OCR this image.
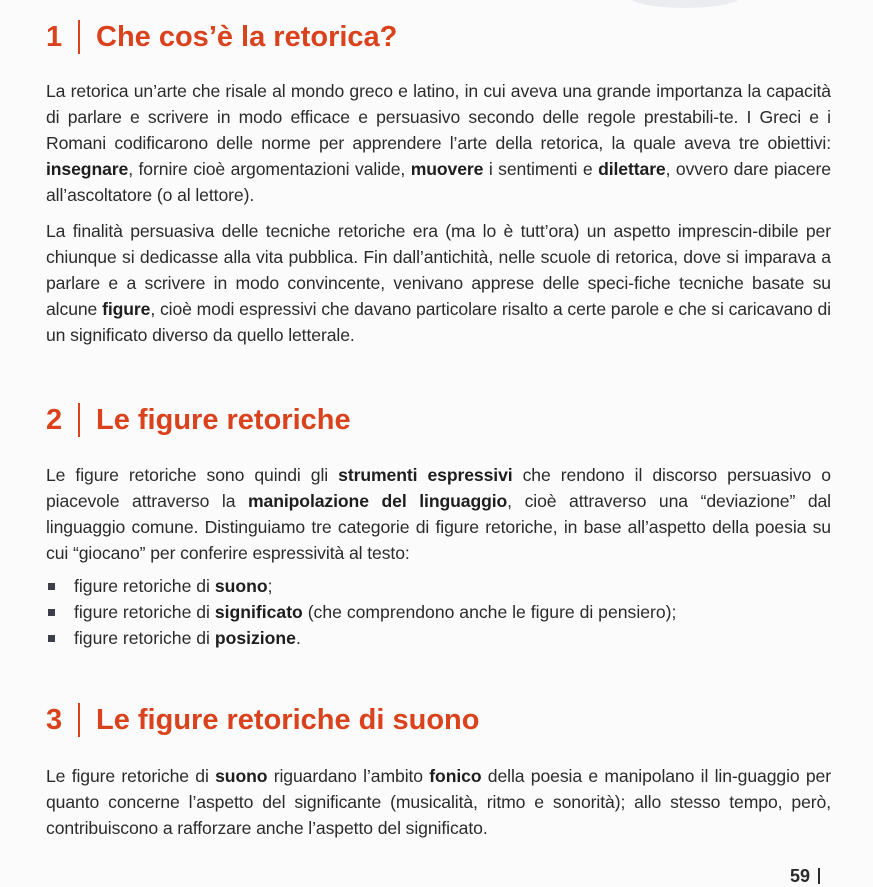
1	Che cos’è la retorica?

La retorica un’arte che risale al mondo greco e latino, in cui aveva una grande importanza la capacità di parlare e scrivere in modo efficace e persuasivo secondo delle regole prestabili-te. I Greci e i Romani codificarono delle norme per apprendere l’arte della retorica, la quale aveva tre obiettivi: insegnare, fornire cioè argomentazioni valide, muovere i sentimenti e dilettare, ovvero dare piacere all’ascoltatore (o al lettore).

La finalità persuasiva delle tecniche retoriche era (ma lo è tutt’ora) un aspetto imprescin-dibile per chiunque si dedicasse alla vita pubblica. Fin dall’antichità, nelle scuole di retorica, dove si imparava a parlare e a scrivere in modo convincente, venivano apprese delle speci-fiche tecniche basate su alcune figure, cioè modi espressivi che davano particolare risalto a certe parole e che si caricavano di un significato diverso da quello letterale.

2	Le figure retoriche

Le figure retoriche sono quindi gli strumenti espressivi che rendono il discorso persuasivo o piacevole attraverso la manipolazione del linguaggio, cioè attraverso una “deviazione” dal linguaggio comune. Distinguiamo tre categorie di figure retoriche, in base all’aspetto della poesia su cui “giocano” per conferire espressività al testo:

figure retoriche di suono;
figure retoriche di significato (che comprendono anche le figure di pensiero);
figure retoriche di posizione.
3	Le figure retoriche di suono

Le figure retoriche di suono riguardano l’ambito fonico della poesia e manipolano il lin-guaggio per quanto concerne l’aspetto del significante (musicalità, ritmo e sonorità); allo stesso tempo, però, contribuiscono a rafforzare anche l’aspetto del significato.

59
